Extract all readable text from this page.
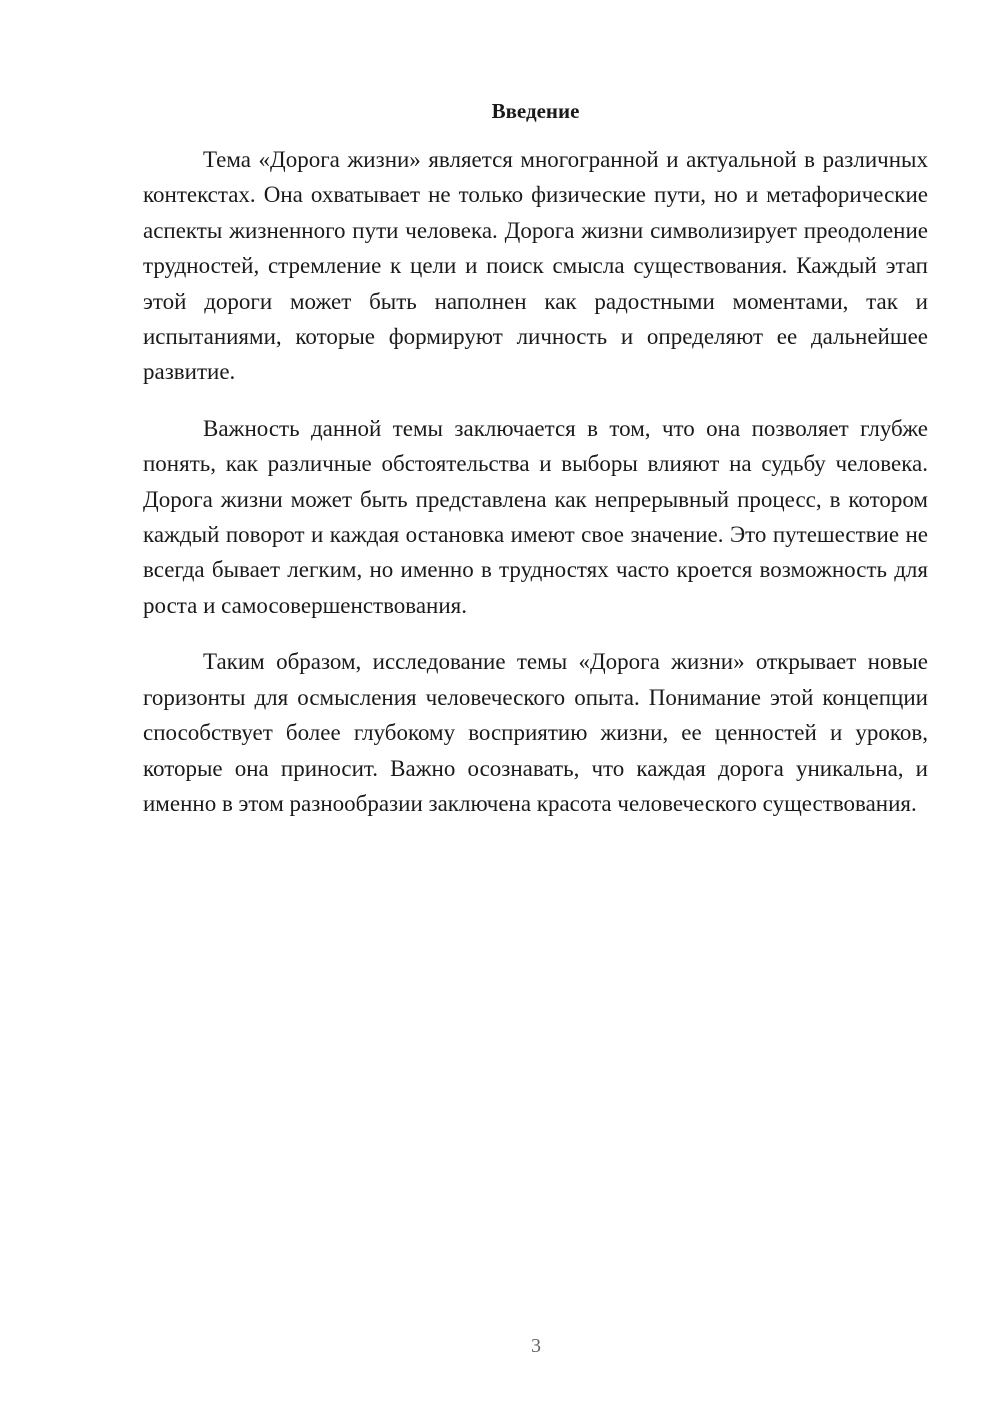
Введение

Тема «Дорога жизни» является многогранной и актуальной в различных контекстах. Она охватывает не только физические пути, но и метафорические аспекты жизненного пути человека. Дорога жизни символизирует преодоление трудностей, стремление к цели и поиск смысла существования. Каждый этап этой дороги может быть наполнен как радостными моментами, так и испытаниями, которые формируют личность и определяют ее дальнейшее развитие.

Важность данной темы заключается в том, что она позволяет глубже понять, как различные обстоятельства и выборы влияют на судьбу человека. Дорога жизни может быть представлена как непрерывный процесс, в котором каждый поворот и каждая остановка имеют свое значение. Это путешествие не всегда бывает легким, но именно в трудностях часто кроется возможность для роста и самосовершенствования.

Таким образом, исследование темы «Дорога жизни» открывает новые горизонты для осмысления человеческого опыта. Понимание этой концепции способствует более глубокому восприятию жизни, ее ценностей и уроков, которые она приносит. Важно осознавать, что каждая дорога уникальна, и именно в этом разнообразии заключена красота человеческого существования.

3
